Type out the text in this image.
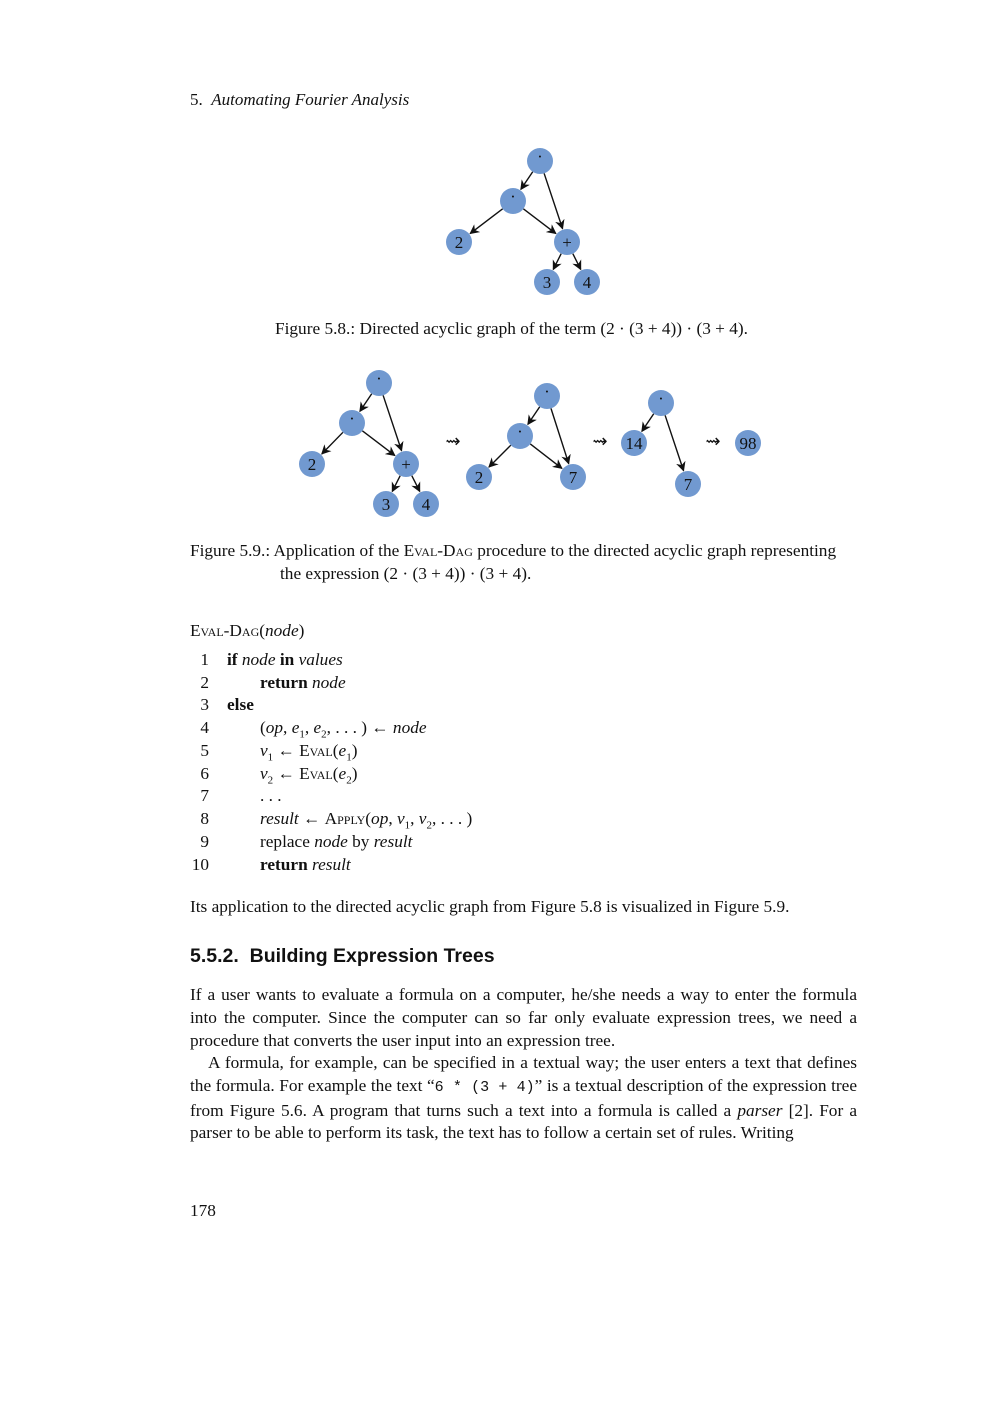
5. Automating Fourier Analysis
·
·
2	+
3 4
Figure 5.8.: Directed acyclic graph of the term (2 · (3 + 4)) · (3 + 4).
·
·
2	+
3 4
·
·
2	7
·
14
7
98
⇝	⇝	⇝
Figure 5.9.: Application of the Eval-Dag procedure to the directed acyclic graph representing
the expression (2 · (3 + 4)) · (3 + 4).
Eval-Dag(node)
1 if node in values
2	return node
3 else
4	(op, $e_1$, $e_2$, . . . ) ← node
5	$v_1$ ← $Eval(e_1)$
6	$v_2$ ← $Eval(e_2)$
7	. . .
8	result ← Apply(op, $v_1$, $v_2$, . . . )
9	replace node by result
10	return result
Its application to the directed acyclic graph from Figure 5.8 is visualized in Figure 5.9.
5.5.2. Building Expression Trees
If a user wants to evaluate a formula on a computer, he/she needs a way to enter the formula into the computer. Since the computer can so far only evaluate expression trees, we need a procedure that converts the user input into an expression tree.
A formula, for example, can be specified in a textual way; the user enters a text that defines the formula. For example the text “6 * (3 + 4)” is a textual description of the expression tree from Figure 5.6. A program that turns such a text into a formula is called a parser [2]. For a parser to be able to perform its task, the text has to follow a certain set of rules. Writing
178
